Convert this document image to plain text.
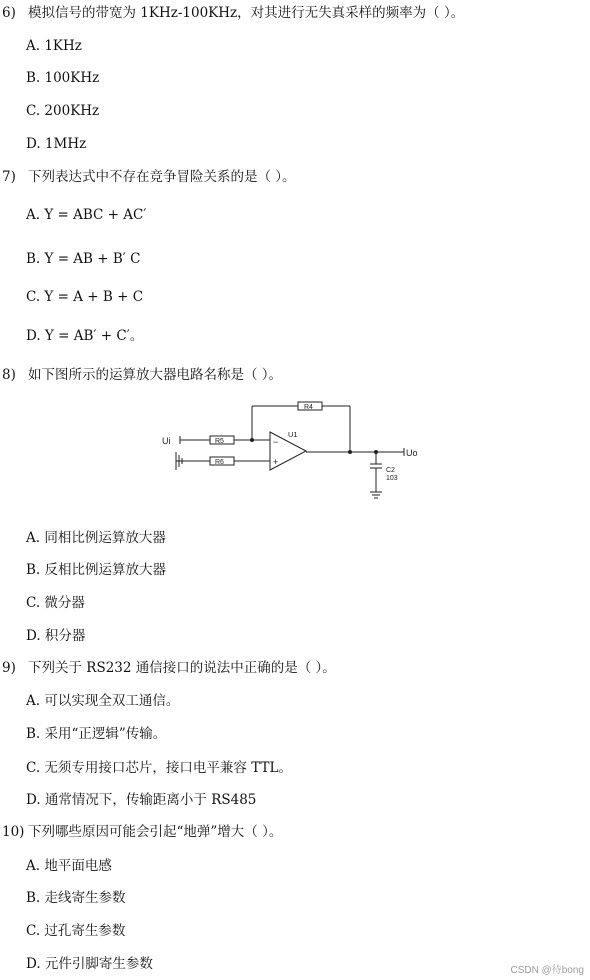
6) 模拟信号的带宽为 1KHz-100KHz，对其进行无失真采样的频率为（ ）。
A. 1KHz
B. 100KHz
C. 200KHz
D. 1MHz
7) 下列表达式中不存在竞争冒险关系的是（ ）。
A. Y = ABC + AC′
B. Y = AB + B′ C
C. Y = A + B + C
D. Y = AB′ + C′。
8) 如下图所示的运算放大器电路名称是（ ）。
Ui
Uo
R4
R5
R6
U1
−
+
C2
103
A. 同相比例运算放大器
B. 反相比例运算放大器
C. 微分器
D. 积分器
9) 下列关于 RS232 通信接口的说法中正确的是（ ）。
A. 可以实现全双工通信。
B. 采用“正逻辑”传输。
C. 无须专用接口芯片，接口电平兼容 TTL。
D. 通常情况下，传输距离小于 RS485
10) 下列哪些原因可能会引起“地弹”增大（ ）。
A. 地平面电感
B. 走线寄生参数
C. 过孔寄生参数
D. 元件引脚寄生参数	CSDN @待bong
